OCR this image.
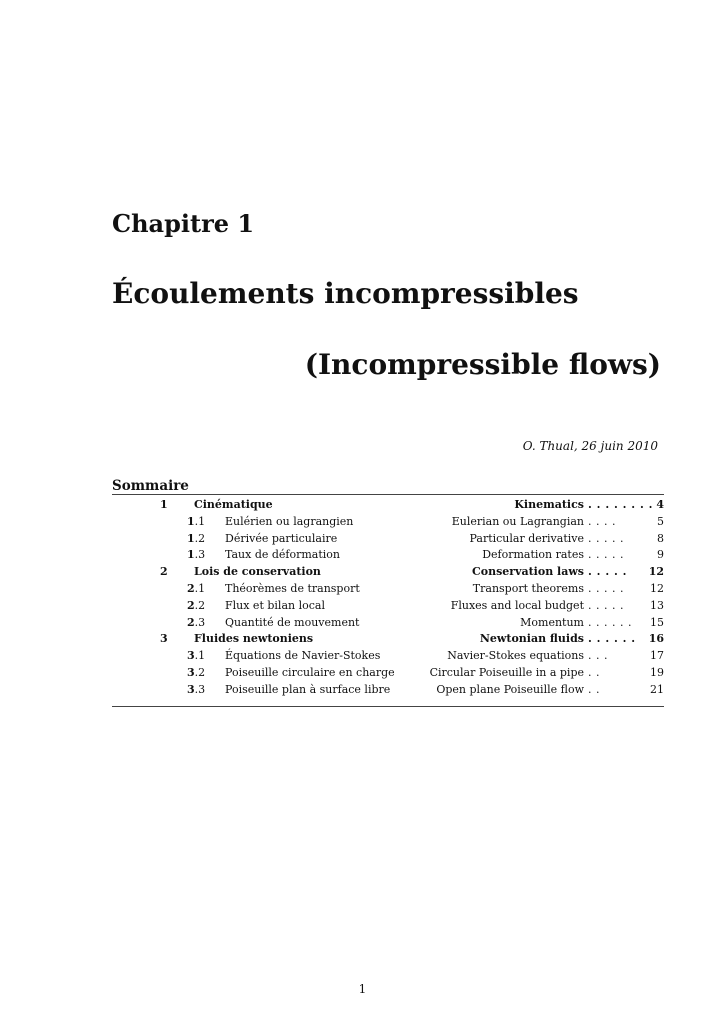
Chapitre 1
Écoulements incompressibles
(Incompressible flows)
O. Thual, 26 juin 2010
Sommaire
1 Cinématique	Kinematics . . . . . . . . 4
1.1 Eulérien ou lagrangien	Eulerian ou Lagrangian . . . .	5
1.2 Dérivée particulaire	Particular derivative . . . . .	8
1.3 Taux de déformation	Deformation rates . . . . .	9
2 Lois de conservation	Conservation laws . . . . .	12
2.1 Théorèmes de transport	Transport theorems . . . . .	12
2.2 Flux et bilan local	Fluxes and local budget . . . . .	13
2.3 Quantité de mouvement	Momentum . . . . . .	15
3 Fluides newtoniens	Newtonian fluids . . . . . .	16
3.1 Équations de Navier-Stokes	Navier-Stokes equations . . .	17
3.2 Poiseuille circulaire en charge	Circular Poiseuille in a pipe . .	19
3.3 Poiseuille plan à surface libre	Open plane Poiseuille flow . .	21
1
